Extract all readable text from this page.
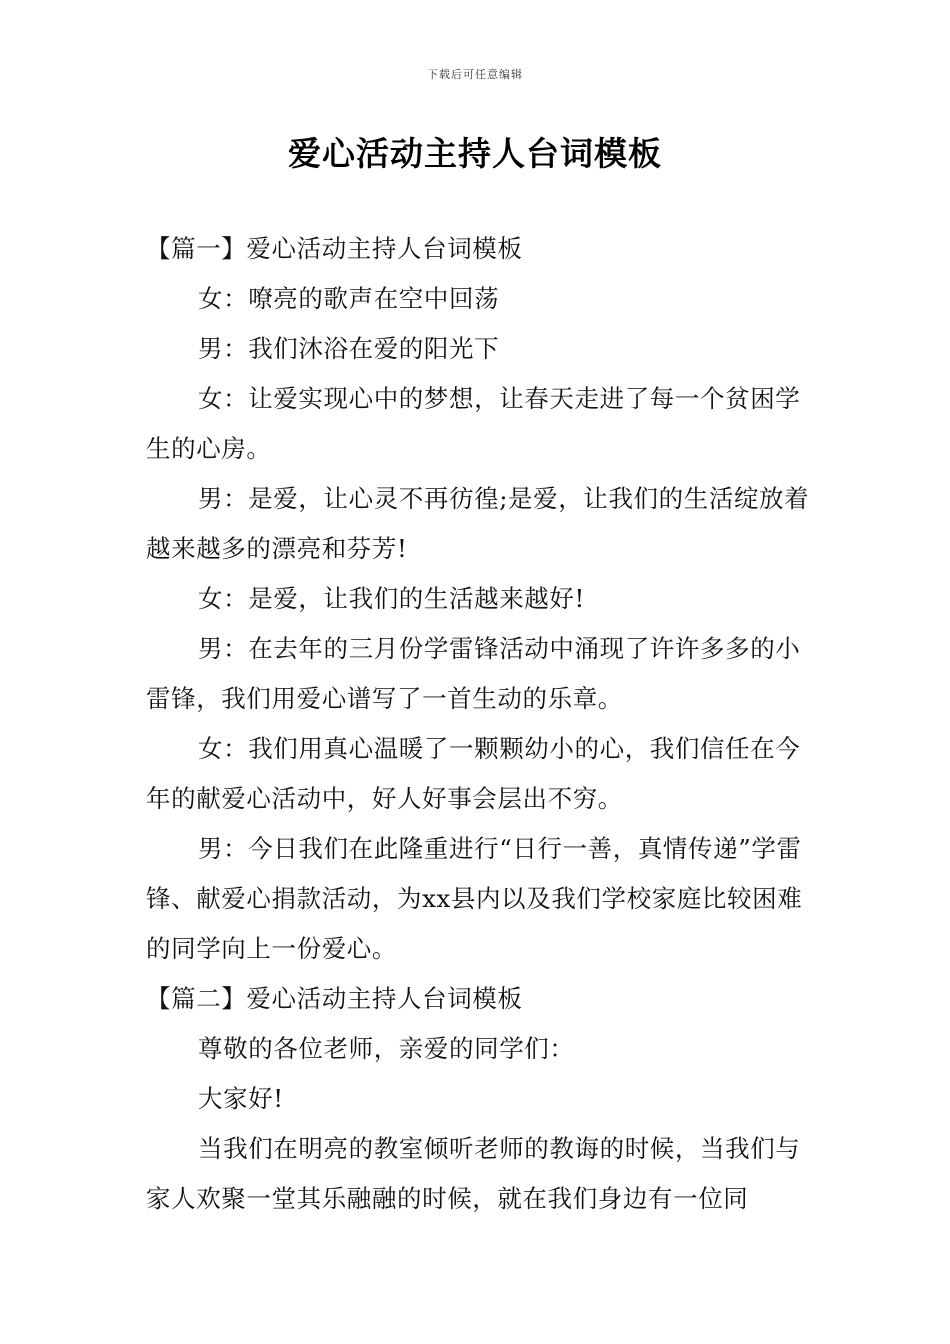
下载后可任意编辑
爱心活动主持人台词模板

【篇一】爱心活动主持人台词模板

女：嘹亮的歌声在空中回荡

男：我们沐浴在爱的阳光下

女：让爱实现心中的梦想，让春天走进了每一个贫困学生的心房。

男：是爱，让心灵不再彷徨;是爱，让我们的生活绽放着越来越多的漂亮和芬芳!

女：是爱，让我们的生活越来越好!

男：在去年的三月份学雷锋活动中涌现了许许多多的小雷锋，我们用爱心谱写了一首生动的乐章。

女：我们用真心温暖了一颗颗幼小的心，我们信任在今年的献爱心活动中，好人好事会层出不穷。

男：今日我们在此隆重进行“日行一善，真情传递”学雷锋、献爱心捐款活动，为xx县内以及我们学校家庭比较困难的同学向上一份爱心。

【篇二】爱心活动主持人台词模板

尊敬的各位老师，亲爱的同学们：

大家好!

当我们在明亮的教室倾听老师的教诲的时候，当我们与家人欢聚一堂其乐融融的时候，就在我们身边有一位同
